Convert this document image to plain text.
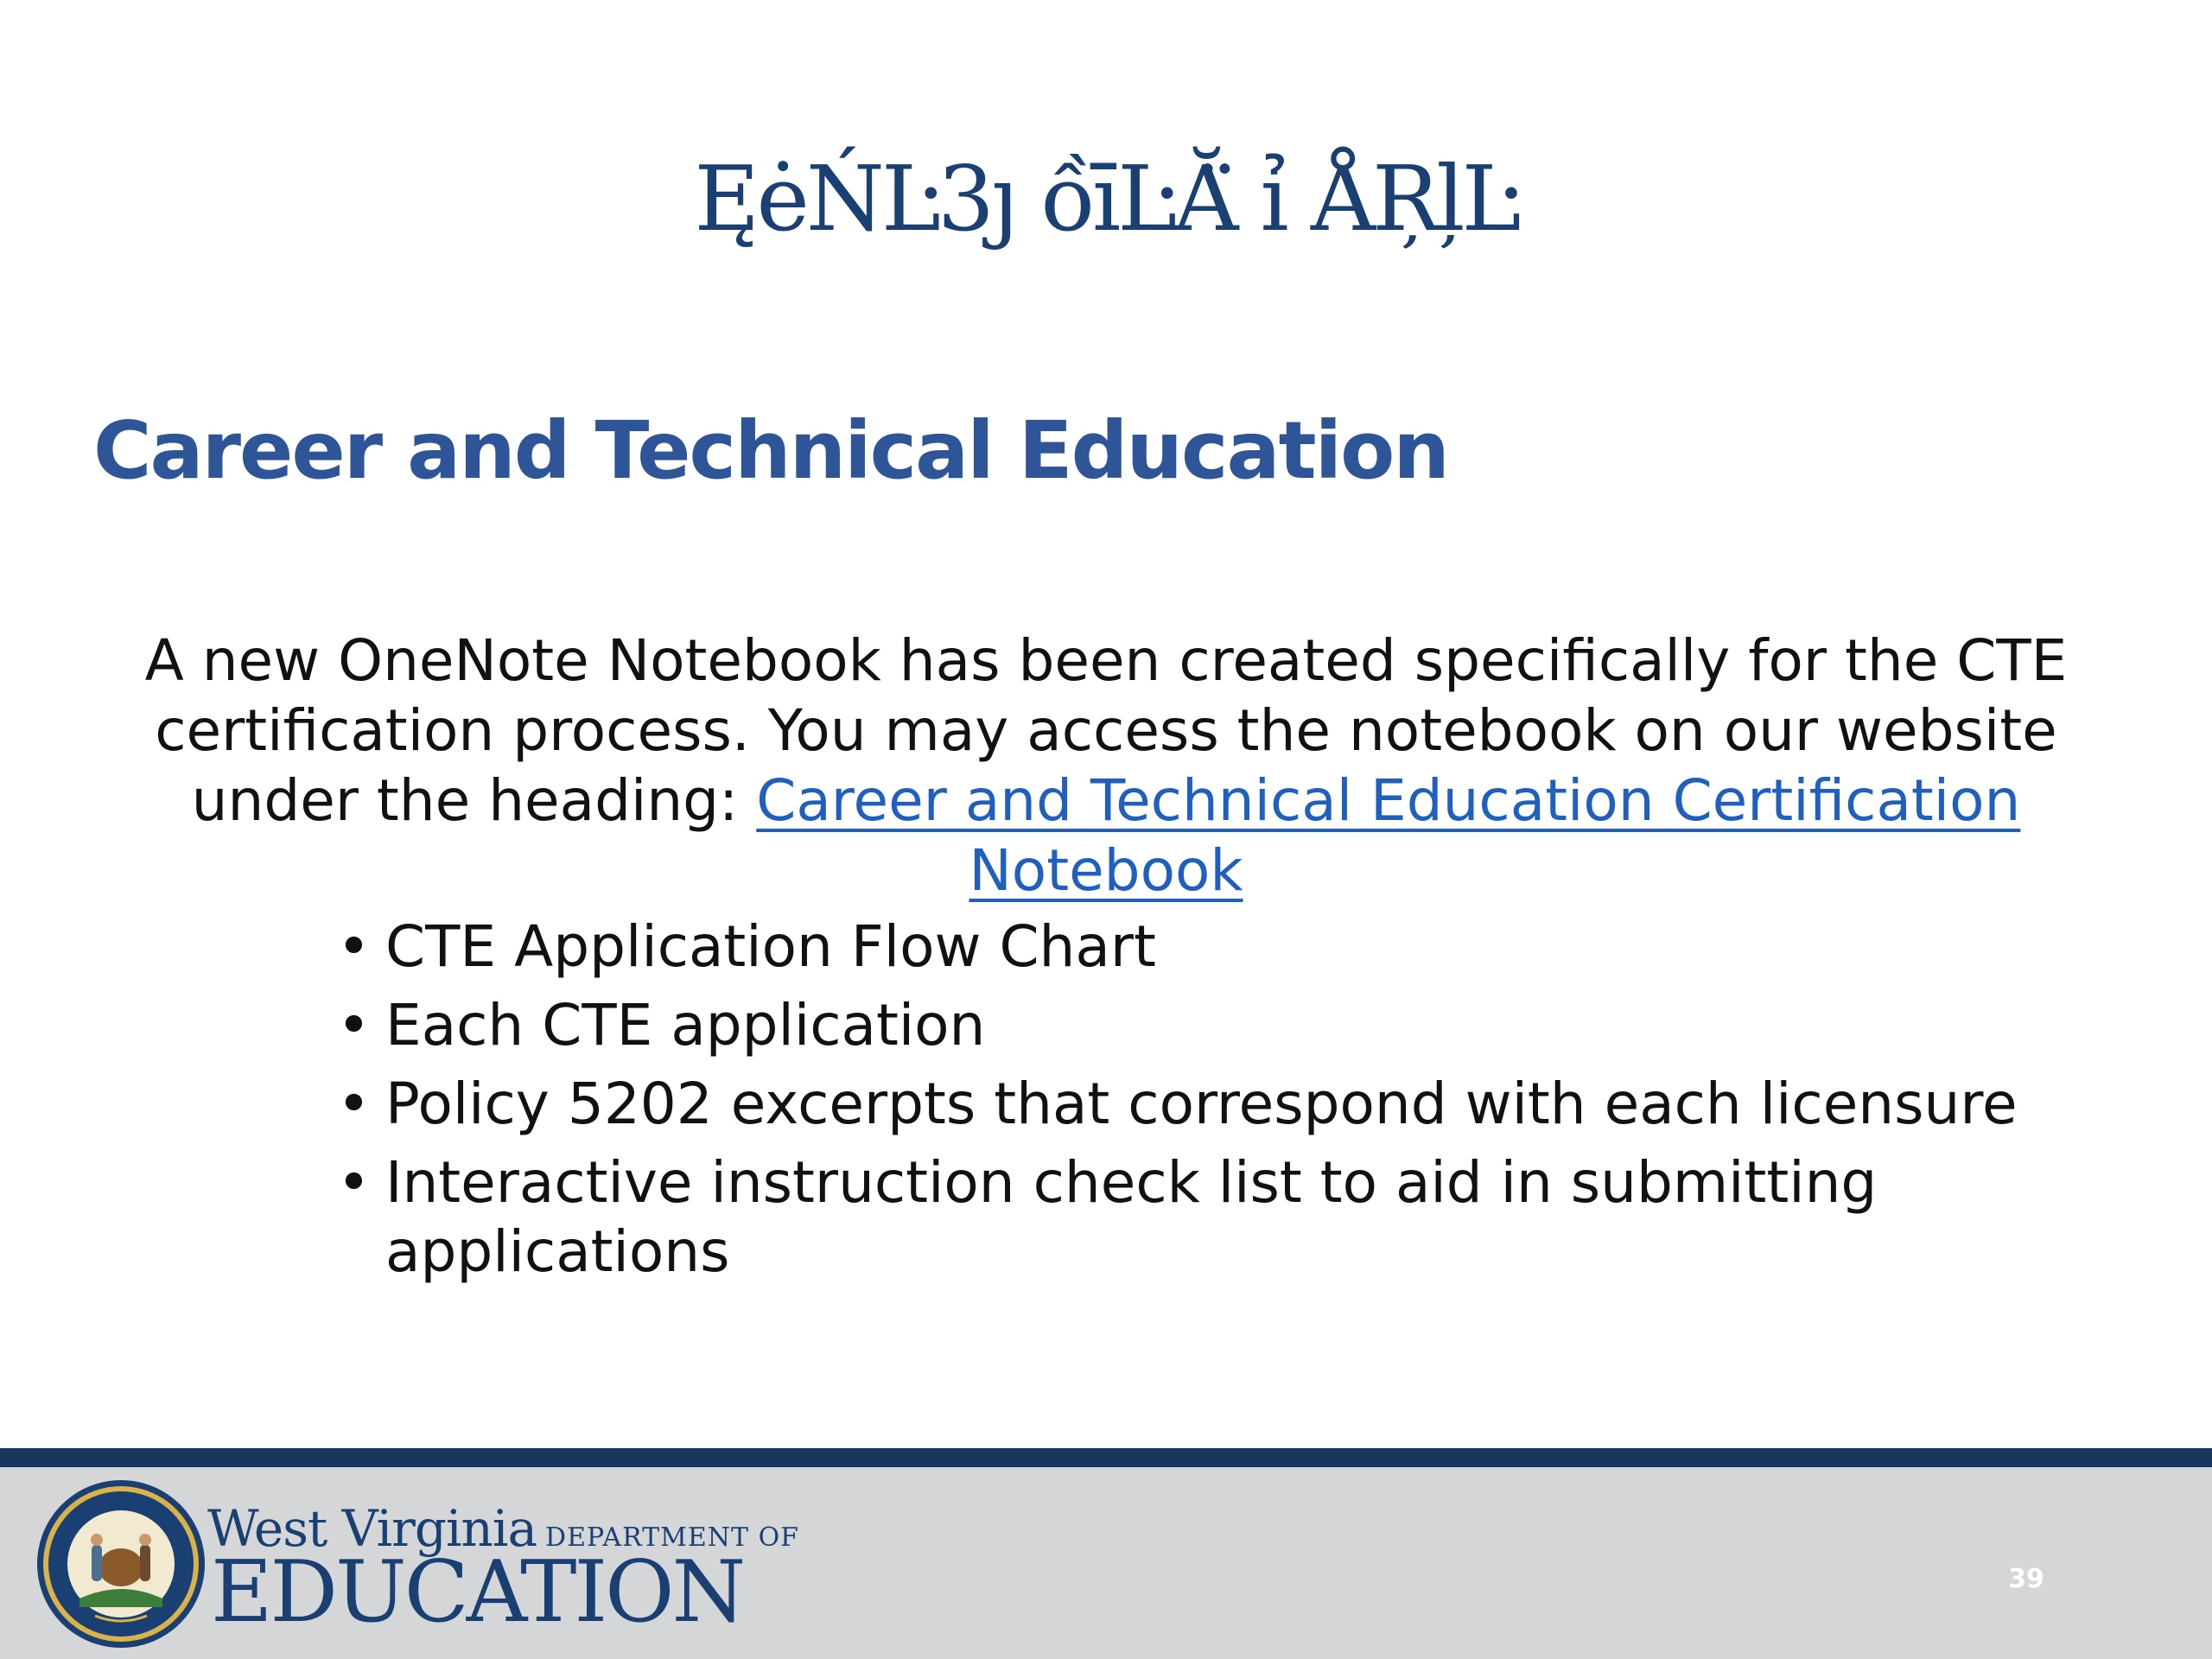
ĘėŃĿ3ȷ ồīĿĂ̈ ỉ ÅŖļĿ
Career and Technical Education

A new OneNote Notebook has been created specifically for the CTE certification process. You may access the notebook on our website under the heading: Career and Technical Education Certification Notebook

• CTE Application Flow Chart
• Each CTE application
• Policy 5202 excerpts that correspond with each licensure
• Interactive instruction check list to aid in submitting applications
West Virginia DEPARTMENT OF
EDUCATION	39
